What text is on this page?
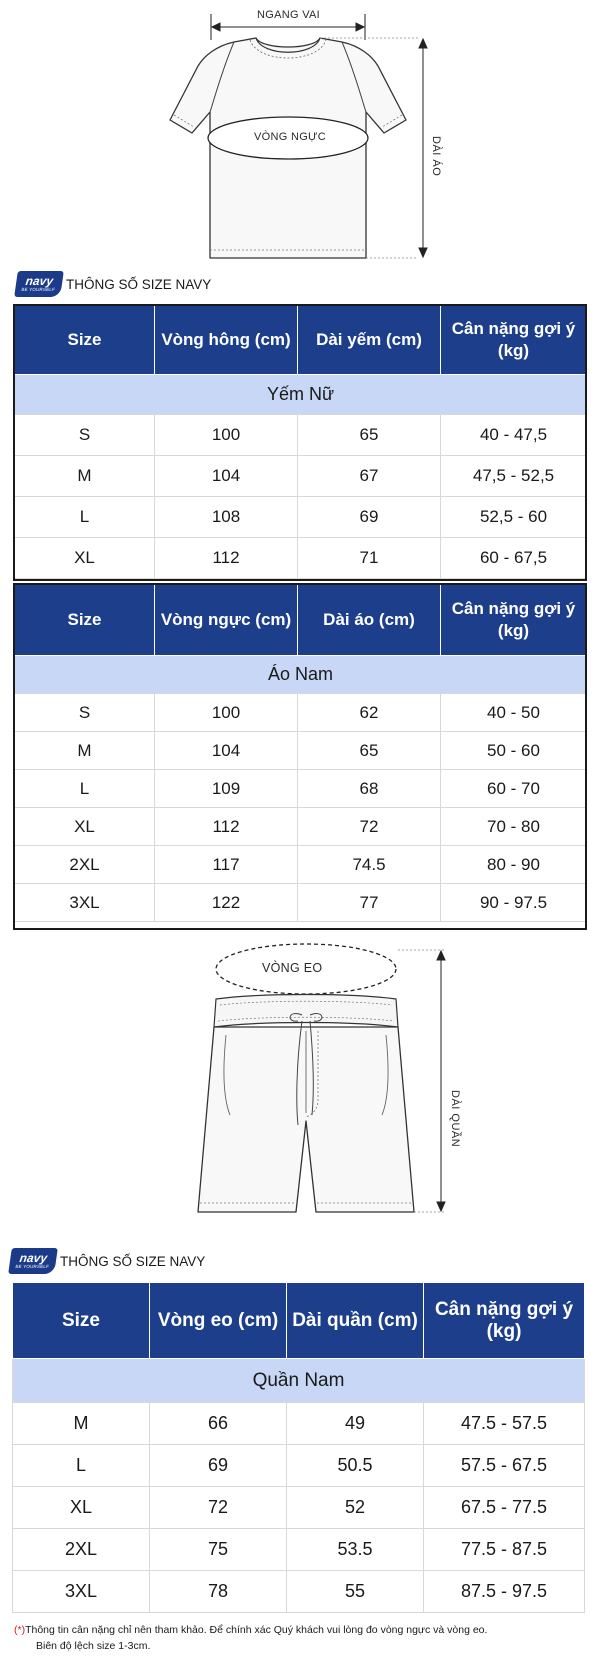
NGANG VAI
VÒNG NGỰC	DÀI ÁO
navy
BE YOURSELF THÔNG SỐ SIZE NAVY
Size	Vòng hông (cm)	Dài yếm (cm)	Cân nặng gợi ý (kg)
Yếm Nữ			
S	100	65	40 - 47,5
M	104	67	47,5 - 52,5
L	108	69	52,5 - 60
XL	112	71	60 - 67,5
Size	Vòng ngực (cm)	Dài áo (cm)	Cân nặng gợi ý (kg)
Áo Nam			
S	100	62	40 - 50
M	104	65	50 - 60
L	109	68	60 - 70
XL	112	72	70 - 80
2XL	117	74.5	80 - 90
3XL	122	77	90 - 97.5
VÒNG EO
DÀI QUẦN
navy
BE YOURSELF THÔNG SỐ SIZE NAVY
Size	Vòng eo (cm)	Dài quần (cm)	Cân nặng gợi ý (kg)
Quần Nam			
M	66	49	47.5 - 57.5
L	69	50.5	57.5 - 67.5
XL	72	52	67.5 - 77.5
2XL	75	53.5	77.5 - 87.5
3XL	78	55	87.5 - 97.5
(*)Thông tin cân nặng chỉ nên tham khảo. Để chính xác Quý khách vui lòng đo vòng ngực và vòng eo.
Biên độ lệch size 1-3cm.
